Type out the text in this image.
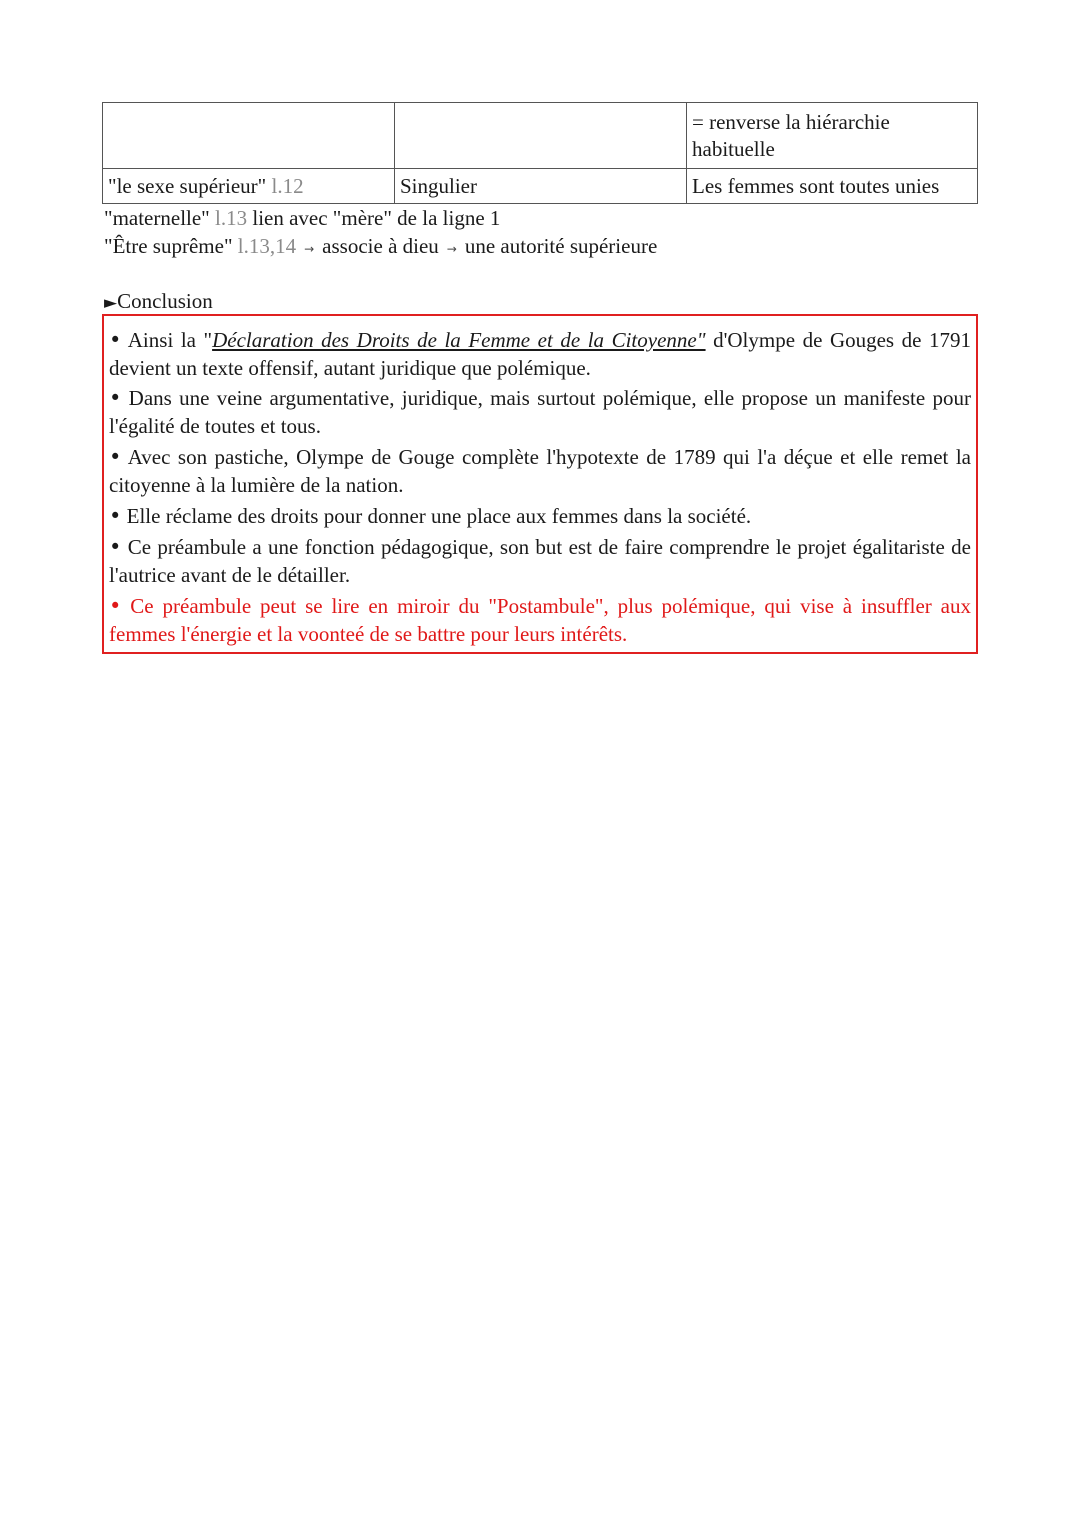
		= renverse la hiérarchie habituelle
"le sexe supérieur" l.12	Singulier	Les femmes sont toutes unies
"maternelle" l.13 lien avec "mère" de la ligne 1
"Être suprême" l.13,14 → associe à dieu → une autorité supérieure
►Conclusion
• Ainsi la "Déclaration des Droits de la Femme et de la Citoyenne" d'Olympe de Gouges de 1791 devient un texte offensif, autant juridique que polémique.
• Dans une veine argumentative, juridique, mais surtout polémique, elle propose un manifeste pour l'égalité de toutes et tous.
• Avec son pastiche, Olympe de Gouge complète l'hypotexte de 1789 qui l'a déçue et elle remet la citoyenne à la lumière de la nation.
• Elle réclame des droits pour donner une place aux femmes dans la société.
• Ce préambule a une fonction pédagogique, son but est de faire comprendre le projet égalitariste de l'autrice avant de le détailler.
• Ce préambule peut se lire en miroir du "Postambule", plus polémique, qui vise à insuffler aux femmes l'énergie et la voonteé de se battre pour leurs intérêts.
